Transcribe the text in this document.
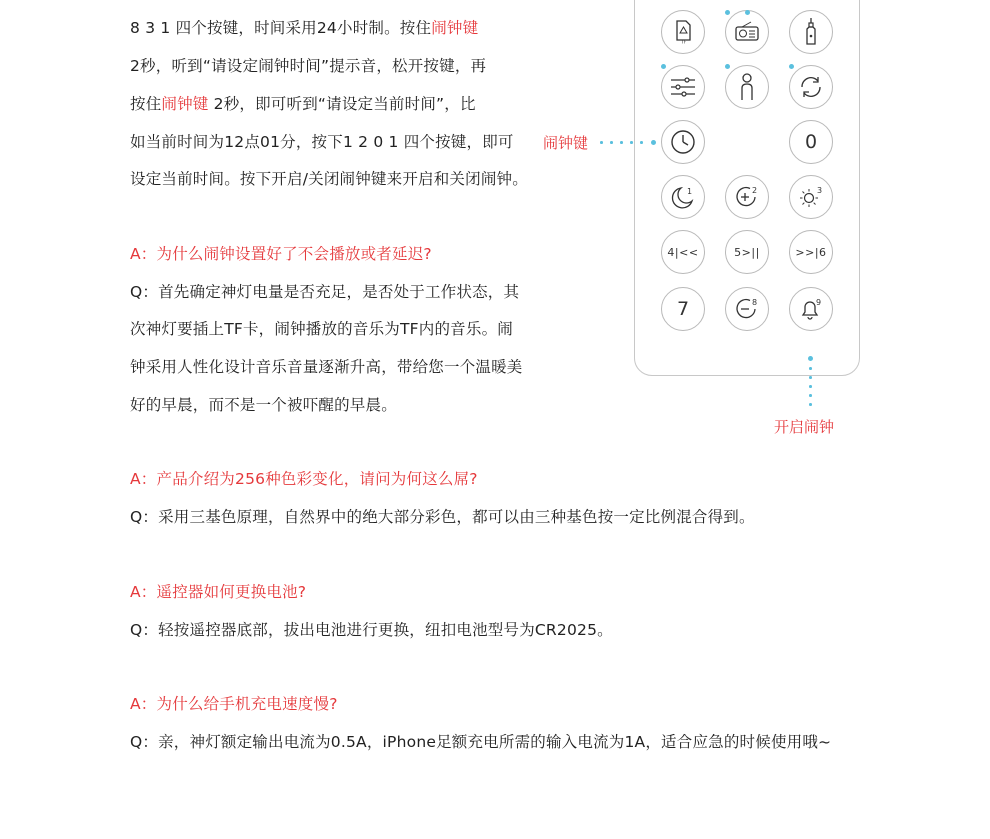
8 3 1 四个按键，时间采用24小时制。按住闹钟键
2秒，听到“请设定闹钟时间”提示音，松开按键，再
按住闹钟键 2秒，即可听到“请设定当前时间”，比
如当前时间为12点01分，按下1 2 0 1 四个按键，即可
设定当前时间。按下开启/关闭闹钟键来开启和关闭闹钟。
A：为什么闹钟设置好了不会播放或者延迟?
Q：首先确定神灯电量是否充足，是否处于工作状态，其
次神灯要插上TF卡，闹钟播放的音乐为TF内的音乐。闹
钟采用人性化设计音乐音量逐渐升高，带给您一个温暖美
好的早晨，而不是一个被吓醒的早晨。
A：产品介绍为256种色彩变化，请问为何这么屌?
Q：采用三基色原理，自然界中的绝大部分彩色，都可以由三种基色按一定比例混合得到。
A：遥控器如何更换电池?
Q：轻按遥控器底部，拔出电池进行更换，纽扣电池型号为CR2025。
A：为什么给手机充电速度慢?
Q：亲，神灯额定输出电流为0.5A，iPhone足额充电所需的输入电流为1A，适合应急的时候使用哦~
TF
0
1	2	3
4|<<	5>||	>>|6
7	8	9
闹钟键
开启闹钟
